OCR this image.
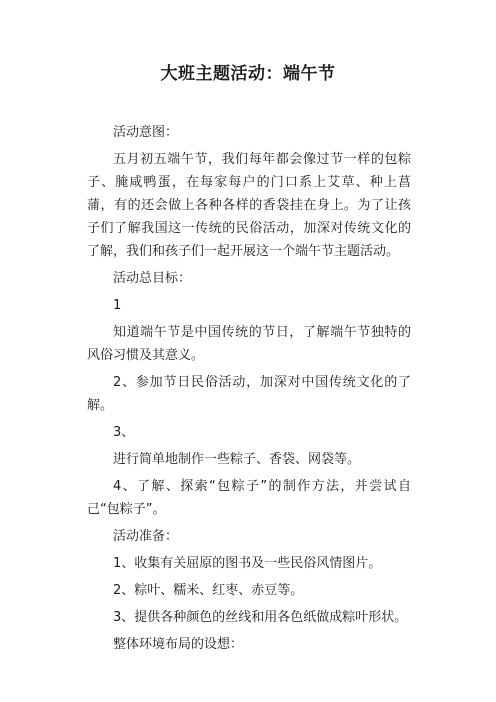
大班主题活动：端午节

活动意图：

五月初五端午节，我们每年都会像过节一样的包粽子、腌咸鸭蛋，在每家每户的门口系上艾草、种上菖蒲，有的还会做上各种各样的香袋挂在身上。为了让孩子们了解我国这一传统的民俗活动，加深对传统文化的了解，我们和孩子们一起开展这一个端午节主题活动。

活动总目标：

1

知道端午节是中国传统的节日，了解端午节独特的风俗习惯及其意义。

2、参加节日民俗活动，加深对中国传统文化的了解。

3、

进行简单地制作一些粽子、香袋、网袋等。

4、了解、探索“包粽子”的制作方法，并尝试自己“包粽子”。

活动准备：

1、收集有关屈原的图书及一些民俗风情图片。

2、粽叶、糯米、红枣、赤豆等。

3、提供各种颜色的丝线和用各色纸做成粽叶形状。

整体环境布局的设想：
